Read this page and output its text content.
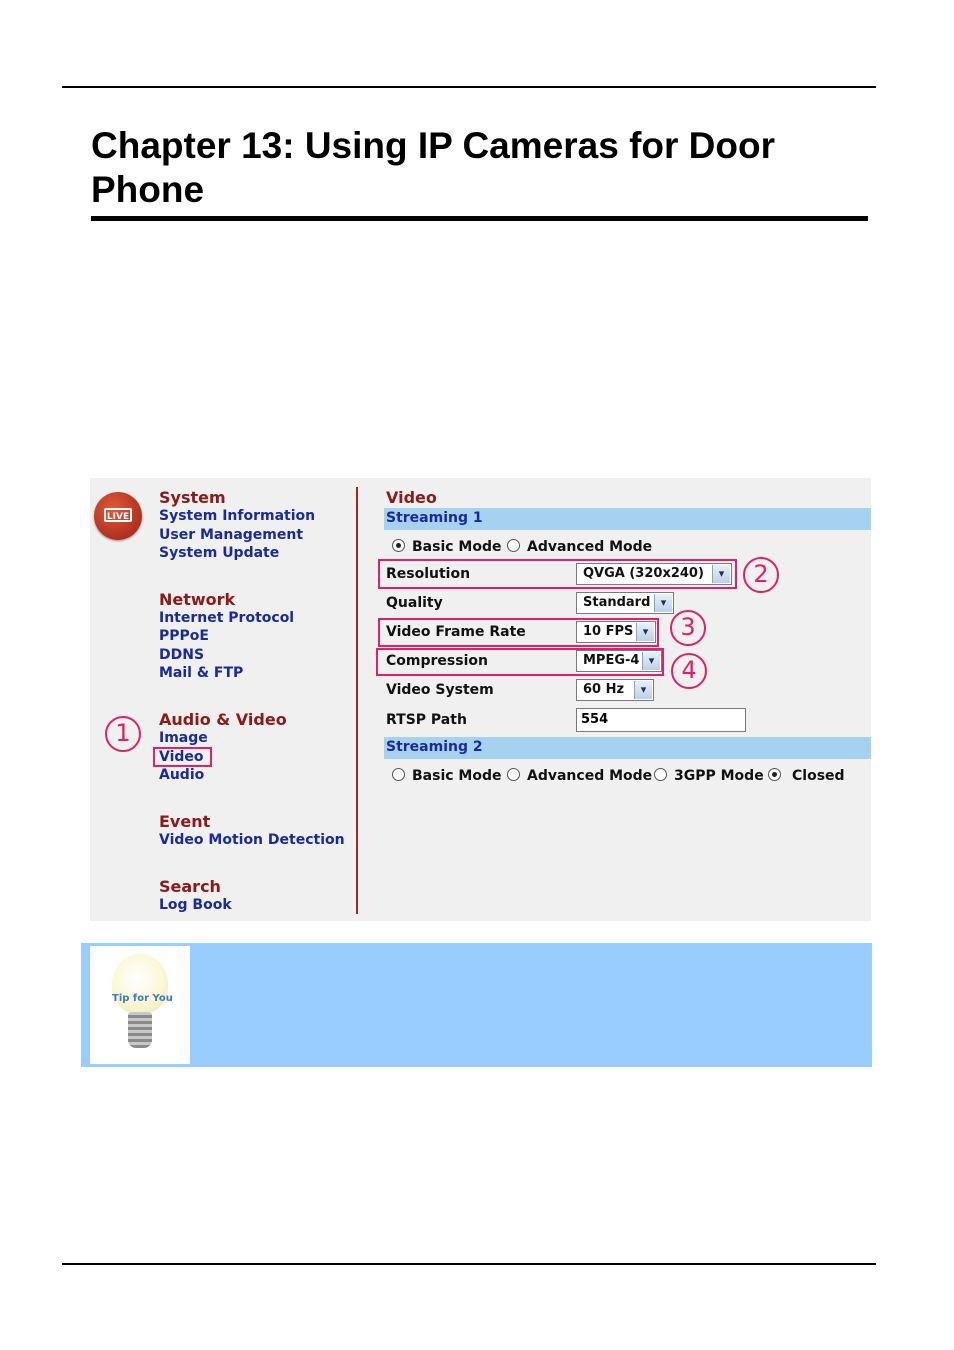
Chapter 13: Using IP Cameras for Door Phone
LIVE
System
System Information
User Management
System Update
Network
Internet Protocol
PPPoE
DDNS
Mail & FTP
Audio & Video
Image
Video
Audio
Event
Video Motion Detection
Search
Log Book
Video
Streaming 1
Basic Mode Advanced Mode
Resolution	QVGA (320x240)	▾	2
Quality	Standard ▾
Video Frame Rate	10 FPS ▾	3
Compression	MPEG-4 ▾	4
Video System	60 Hz	▾
RTSP Path	554
Streaming 2
Basic Mode Advanced Mode 3GPP Mode Closed
1
Tip for You
